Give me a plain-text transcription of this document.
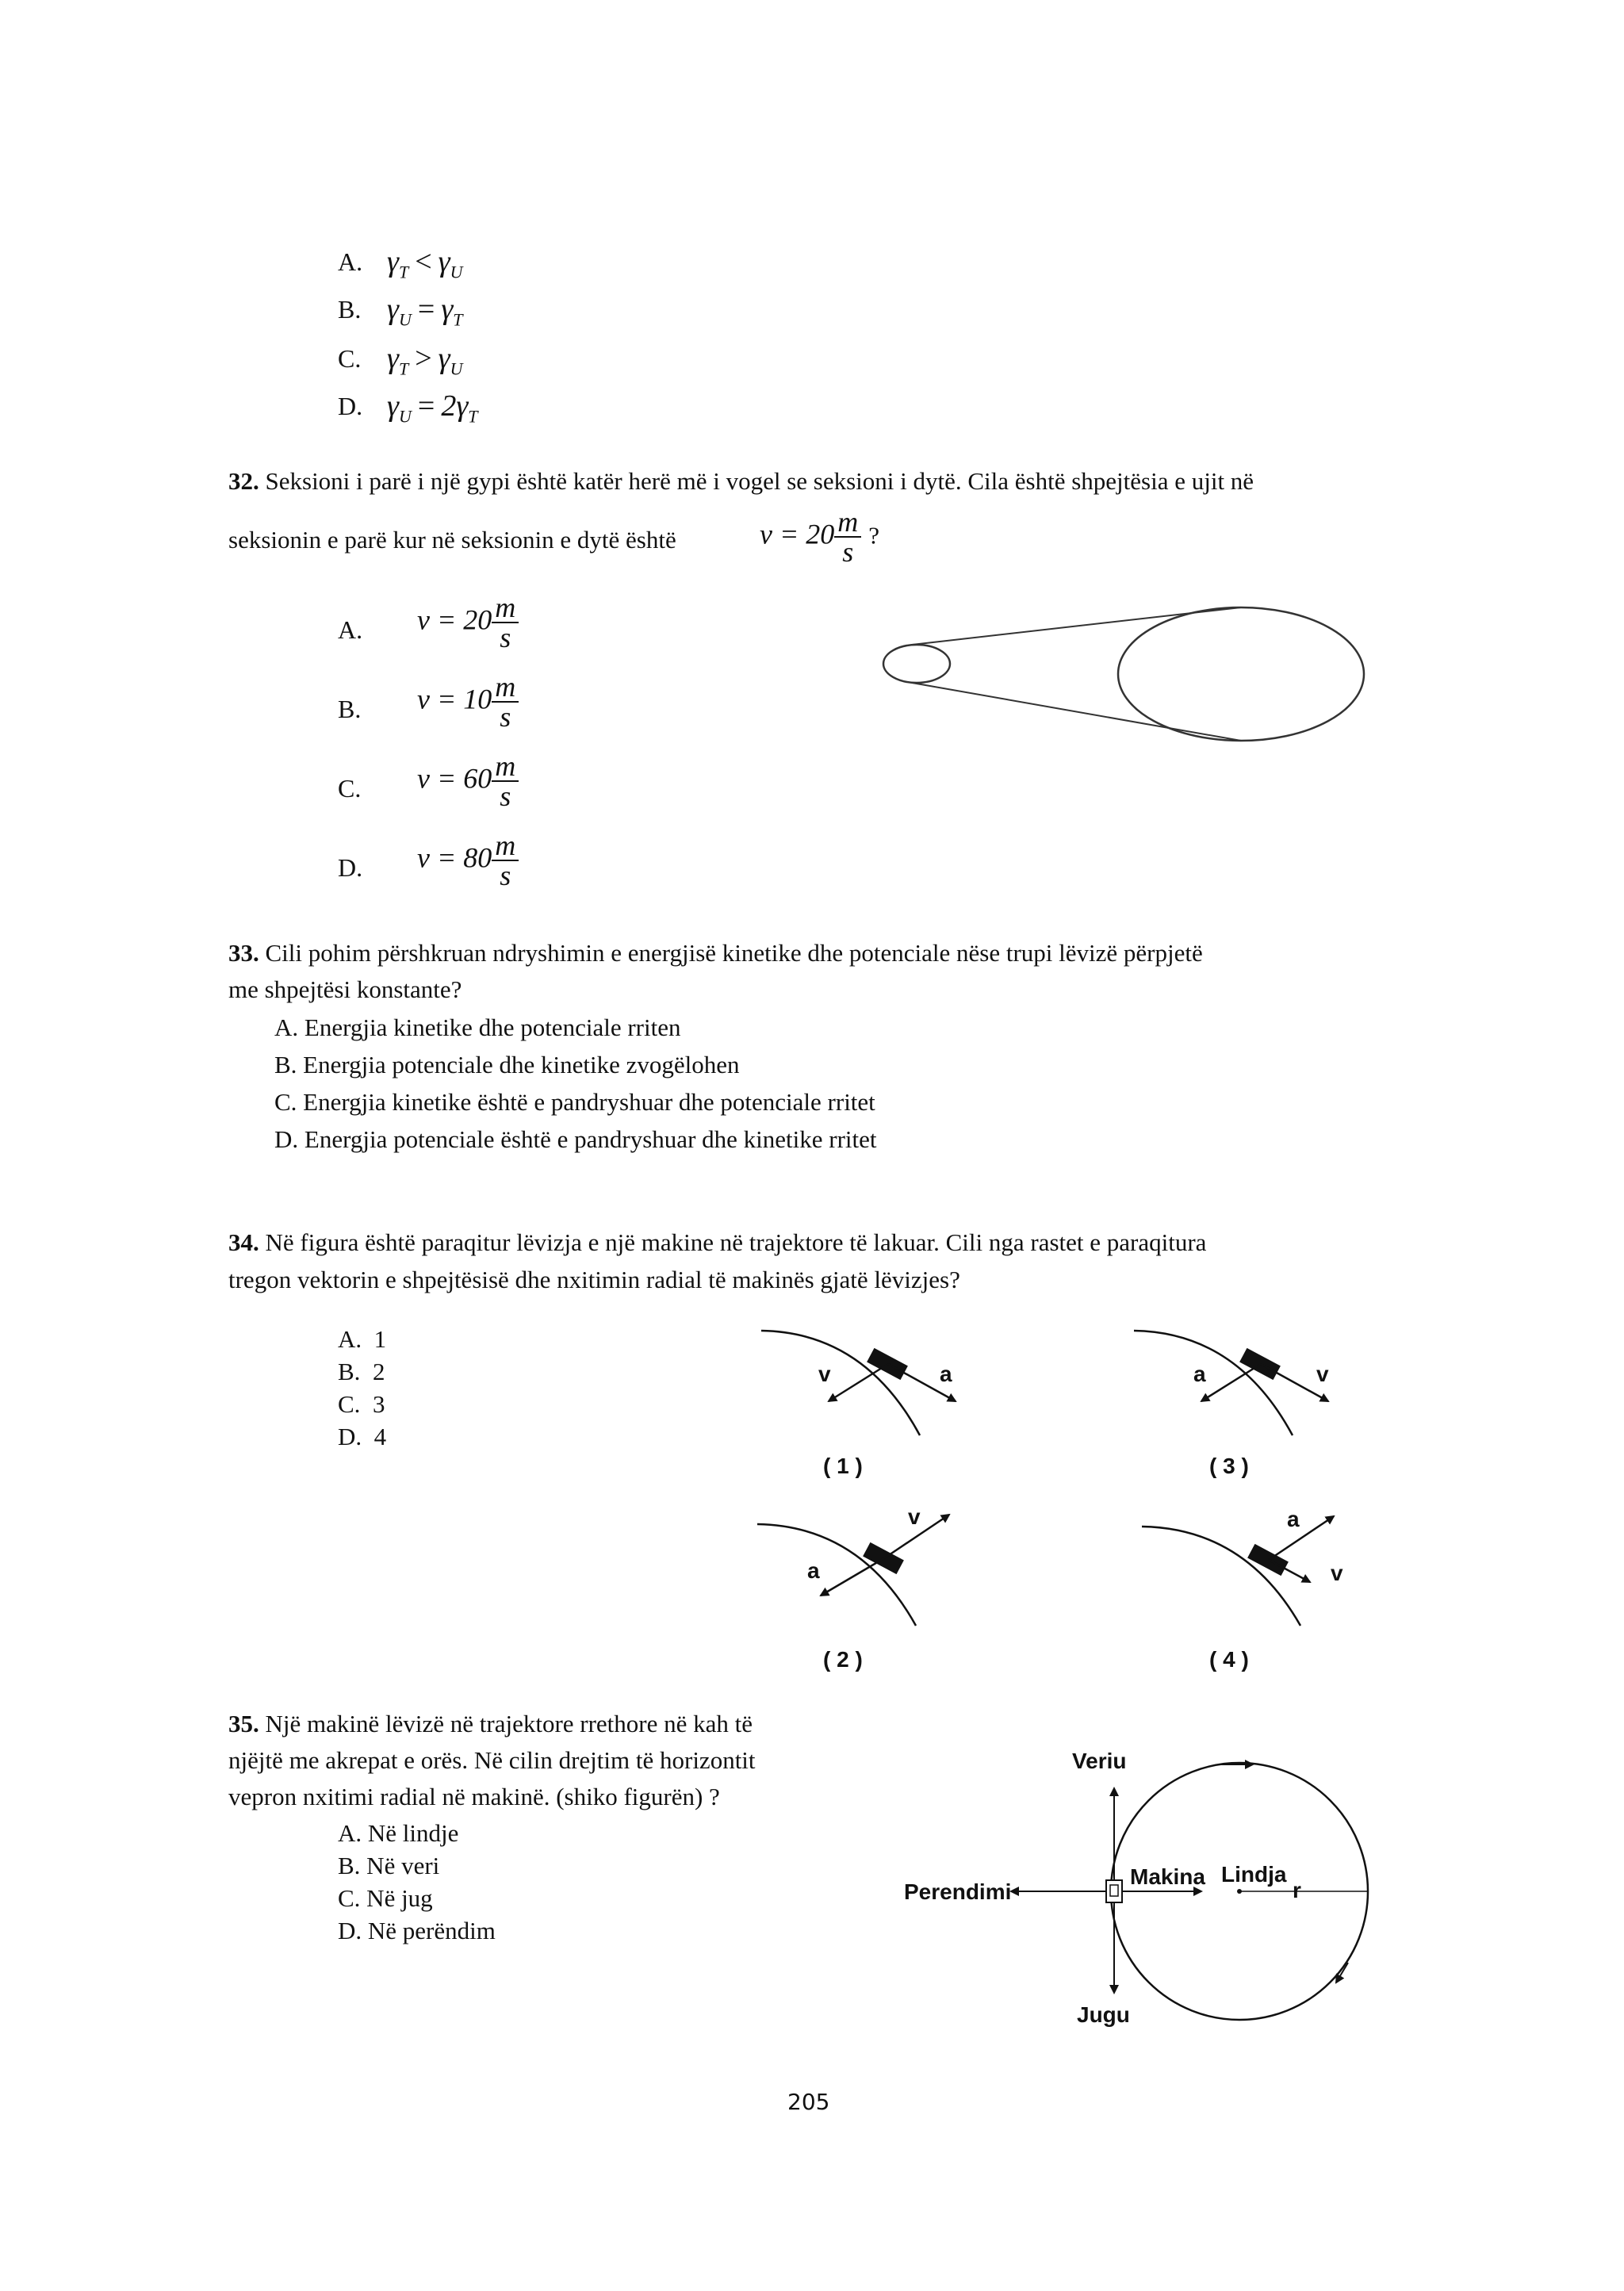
A. $\gamma_T < \gamma_U$
B. $\gamma_U = \gamma_T$
C. $\gamma_T > \gamma_U$
D. $\gamma_U = 2\gamma_T$
32. Seksioni i parë i një gypi është katër herë më i vogel se seksioni i dytë. Cila është shpejtësia e ujit në
seksionin e parë kur në seksionin e dytë është	$v = 20 \frac{m}{s}$ ?
A. $v = 20 \frac{m}{s}$
B. $v = 10 \frac{m}{s}$
C. $v = 60 \frac{m}{s}$
D. $v = 80 \frac{m}{s}$
33. Cili pohim përshkruan ndryshimin e energjisë kinetike dhe potenciale nëse trupi lëvizë përpjetë
me shpejtësi konstante?
A. Energjia kinetike dhe potenciale rriten
B. Energjia potenciale dhe kinetike zvogëlohen
C. Energjia kinetike është e pandryshuar dhe potenciale rritet
D. Energjia potenciale është e pandryshuar dhe kinetike rritet
34. Në figura është paraqitur lëvizja e një makine në trajektore të lakuar. Cili nga rastet e paraqitura
tregon vektorin e shpejtësisë dhe nxitimin radial të makinës gjatë lëvizjes?
A. 1
B. 2
C. 3
D. 4
v	a
( 1 )
a	v
( 3 )
v
a
( 2 )
a
v
( 4 )
35. Një makinë lëvizë në trajektore rrethore në kah të
njëjtë me akrepat e orës. Në cilin drejtim të horizontit
vepron nxitimi radial në makinë. (shiko figurën) ?
A. Në lindje
B. Në veri
C. Në jug
D. Në perëndim
Veriu
Jugu
Perendimi
Makina Lindja
r
205
